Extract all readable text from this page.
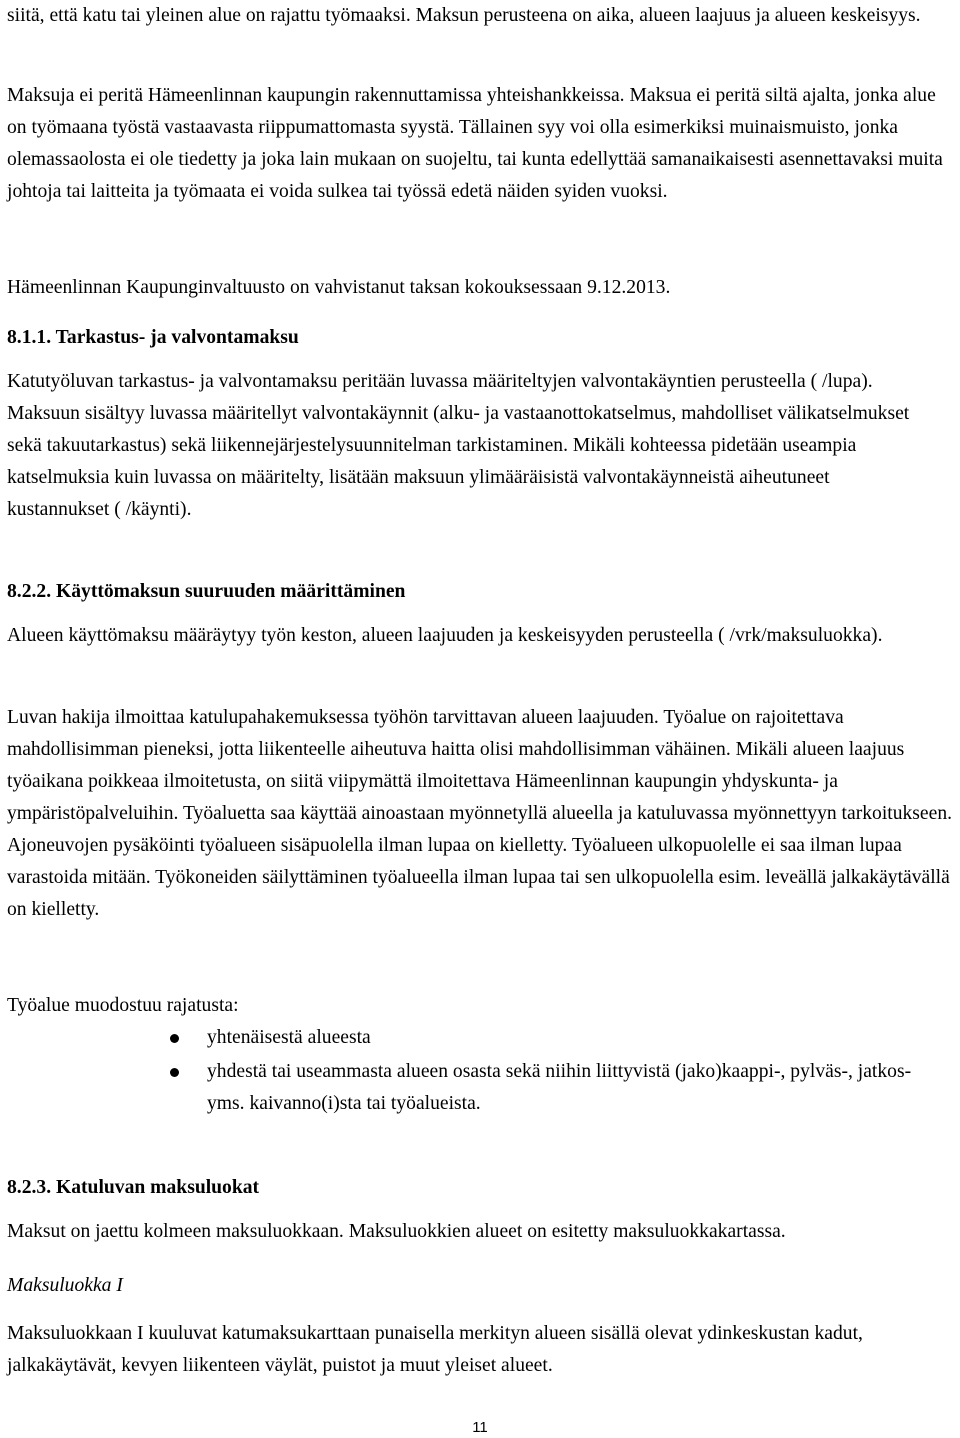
siitä, että katu tai yleinen alue on rajattu työmaaksi. Maksun perusteena on aika, alueen laajuus ja alueen keskeisyys.

Maksuja ei peritä Hämeenlinnan kaupungin rakennuttamissa yhteishankkeissa. Maksua ei peritä siltä ajalta, jonka alue on työmaana työstä vastaavasta riippumattomasta syystä. Tällainen syy voi olla esimerkiksi muinaismuisto, jonka olemassaolosta ei ole tiedetty ja joka lain mukaan on suojeltu, tai kunta edellyttää samanaikaisesti asennettavaksi muita johtoja tai laitteita ja työmaata ei voida sulkea tai työssä edetä näiden syiden vuoksi.

Hämeenlinnan Kaupunginvaltuusto on vahvistanut taksan kokouksessaan 9.12.2013.

8.1.1. Tarkastus- ja valvontamaksu

Katutyöluvan tarkastus- ja valvontamaksu peritään luvassa määriteltyjen valvontakäyntien perusteella ( /lupa). Maksuun sisältyy luvassa määritellyt valvontakäynnit (alku- ja vastaanottokatselmus, mahdolliset välikatselmukset sekä takuutarkastus) sekä liikennejärjestelysuunnitelman tarkistaminen. Mikäli kohteessa pidetään useampia katselmuksia kuin luvassa on määritelty, lisätään maksuun ylimääräisistä valvontakäynneistä aiheutuneet kustannukset ( /käynti).

8.2.2. Käyttömaksun suuruuden määrittäminen

Alueen käyttömaksu määräytyy työn keston, alueen laajuuden ja keskeisyyden perusteella ( /vrk/maksuluokka).

Luvan hakija ilmoittaa katulupahakemuksessa työhön tarvittavan alueen laajuuden. Työalue on rajoitettava mahdollisimman pieneksi, jotta liikenteelle aiheutuva haitta olisi mahdollisimman vähäinen. Mikäli alueen laajuus työaikana poikkeaa ilmoitetusta, on siitä viipymättä ilmoitettava Hämeenlinnan kaupungin yhdyskunta- ja ympäristöpalveluihin. Työaluetta saa käyttää ainoastaan myönnetyllä alueella ja katuluvassa myönnettyyn tarkoitukseen. Ajoneuvojen pysäköinti työalueen sisäpuolella ilman lupaa on kielletty. Työalueen ulkopuolelle ei saa ilman lupaa varastoida mitään. Työkoneiden säilyttäminen työalueella ilman lupaa tai sen ulkopuolella esim. leveällä jalkakäytävällä on kielletty.

Työalue muodostuu rajatusta:

yhtenäisestä alueesta
yhdestä tai useammasta alueen osasta sekä niihin liittyvistä (jako)kaappi-, pylväs-, jatkos- yms. kaivanno(i)sta tai työalueista.

8.2.3. Katuluvan maksuluokat

Maksut on jaettu kolmeen maksuluokkaan. Maksuluokkien alueet on esitetty maksuluokkakartassa.

Maksuluokka I

Maksuluokkaan I kuuluvat katumaksukarttaan punaisella merkityn alueen sisällä olevat ydinkeskustan kadut, jalkakäytävät, kevyen liikenteen väylät, puistot ja muut yleiset alueet.

11
